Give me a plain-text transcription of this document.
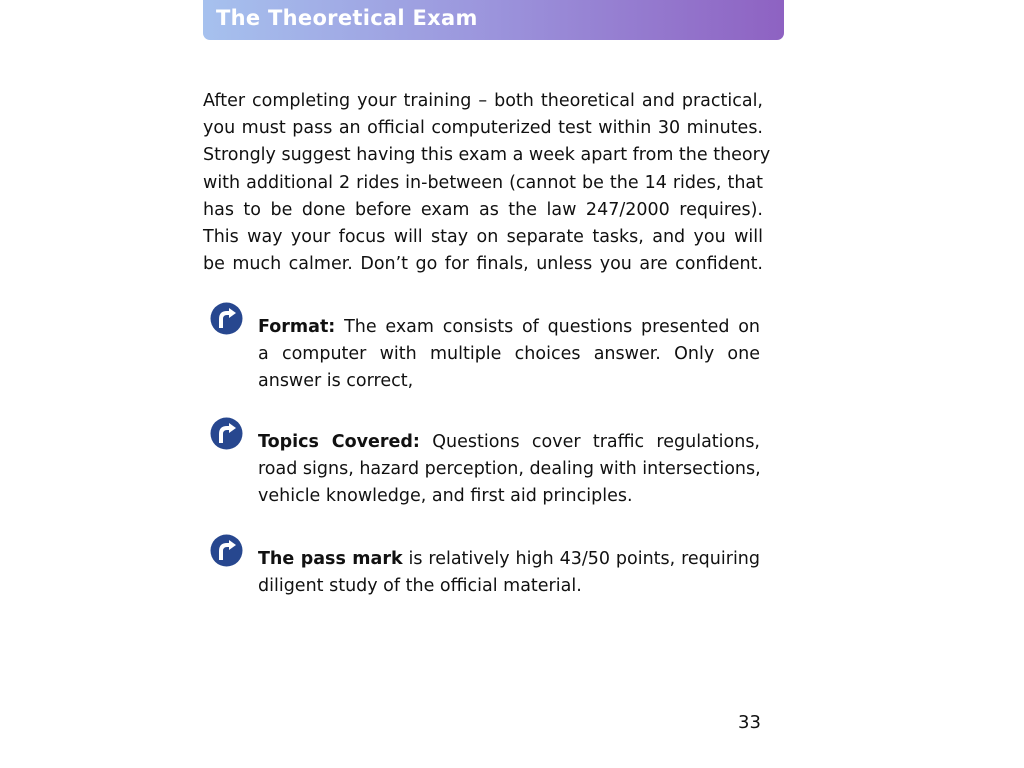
The Theoretical Exam
After completing your training – both theoretical and practical,
you must pass an official computerized test within 30 minutes.
Strongly suggest having this exam a week apart from the theory
with additional 2 rides in-between (cannot be the 14 rides, that
has to be done before exam as the law 247/2000 requires).
This way your focus will stay on separate tasks, and you will
be much calmer. Don’t go for finals, unless you are confident.
Format: The exam consists of questions presented on
a computer with multiple choices answer. Only one
answer is correct,
Topics Covered: Questions cover traffic regulations,
road signs, hazard perception, dealing with intersections,
vehicle knowledge, and first aid principles.
The pass mark is relatively high 43/50 points, requiring
diligent study of the official material.
33
